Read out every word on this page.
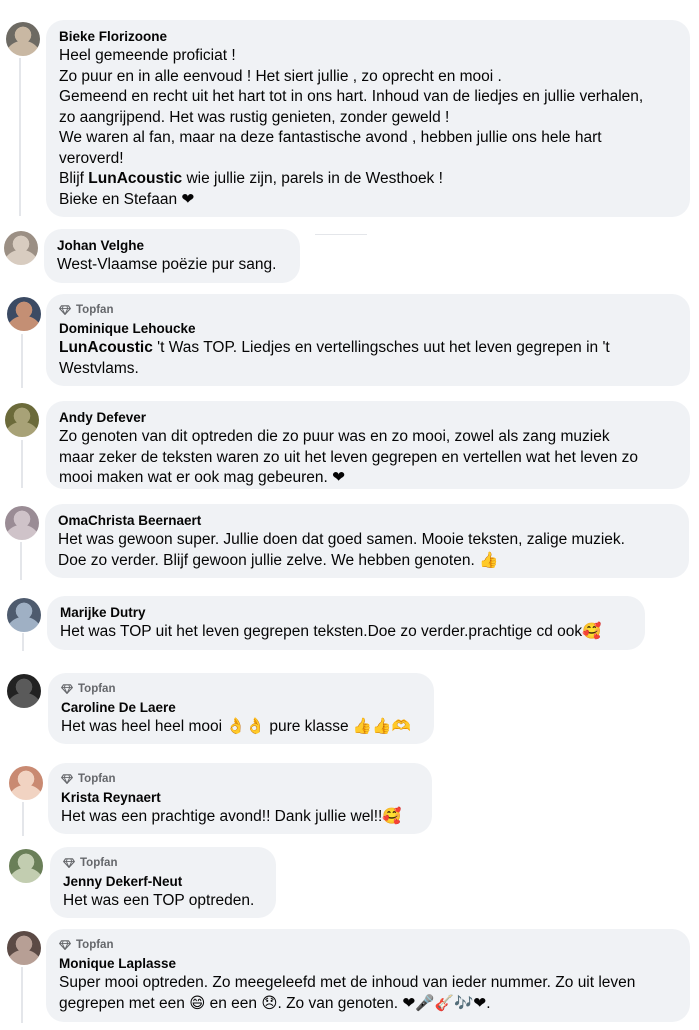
Bieke Florizoone
Heel gemeende proficiat !
Zo puur en in alle eenvoud ! Het siert jullie , zo oprecht en mooi .
Gemeend en recht uit het hart tot in ons hart. Inhoud van de liedjes en jullie verhalen,
zo aangrijpend. Het was rustig genieten, zonder geweld !
We waren al fan, maar na deze fantastische avond , hebben jullie ons hele hart
veroverd!
Blijf LunAcoustic wie jullie zijn, parels in de Westhoek !
Bieke en Stefaan ❤
Johan Velghe
West-Vlaamse poëzie pur sang.
Topfan
Dominique Lehoucke
LunAcoustic 't Was TOP. Liedjes en vertellingsches uut het leven gegrepen in 't
Westvlams.
Andy Defever
Zo genoten van dit optreden die zo puur was en zo mooi, zowel als zang muziek
maar zeker de teksten waren zo uit het leven gegrepen en vertellen wat het leven zo
mooi maken wat er ook mag gebeuren. ❤
OmaChrista Beernaert
Het was gewoon super. Jullie doen dat goed samen. Mooie teksten, zalige muziek.
Doe zo verder. Blijf gewoon jullie zelve. We hebben genoten. 👍
Marijke Dutry
Het was TOP uit het leven gegrepen teksten.Doe zo verder.prachtige cd ook🥰
Topfan
Caroline De Laere
Het was heel heel mooi 👌👌 pure klasse 👍👍🫶
Topfan
Krista Reynaert
Het was een prachtige avond!! Dank jullie wel!!🥰
Topfan
Jenny Dekerf-Neut
Het was een TOP optreden.
Topfan
Monique Laplasse
Super mooi optreden. Zo meegeleefd met de inhoud van ieder nummer. Zo uit leven
gegrepen met een 😄 en een 😞. Zo van genoten. ❤🎤🎸🎶❤.
